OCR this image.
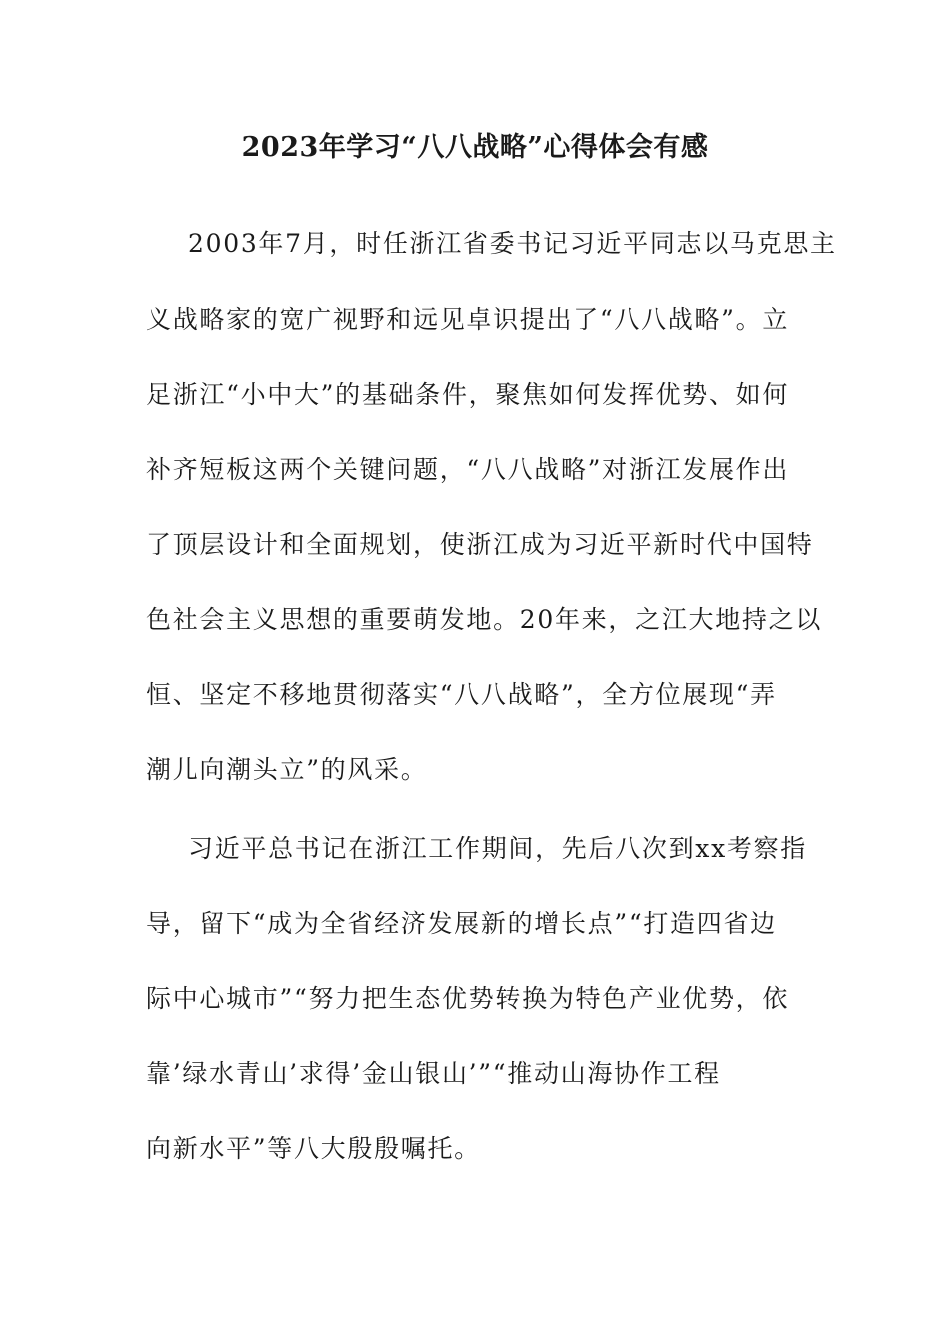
2023年学习“八八战略”心得体会有感
2003年7月，时任浙江省委书记习近平同志以马克思主
义战略家的宽广视野和远见卓识提出了“八八战略”。立
足浙江“小中大”的基础条件，聚焦如何发挥优势、如何
补齐短板这两个关键问题，“八八战略”对浙江发展作出
了顶层设计和全面规划，使浙江成为习近平新时代中国特
色社会主义思想的重要萌发地。20年来，之江大地持之以
恒、坚定不移地贯彻落实“八八战略”，全方位展现“弄
潮儿向潮头立”的风采。
习近平总书记在浙江工作期间，先后八次到xx考察指
导，留下“成为全省经济发展新的增长点”“打造四省边
际中心城市”“努力把生态优势转换为特色产业优势，依
靠’绿水青山’求得’金山银山’”“推动山海协作工程
向新水平”等八大殷殷嘱托。
